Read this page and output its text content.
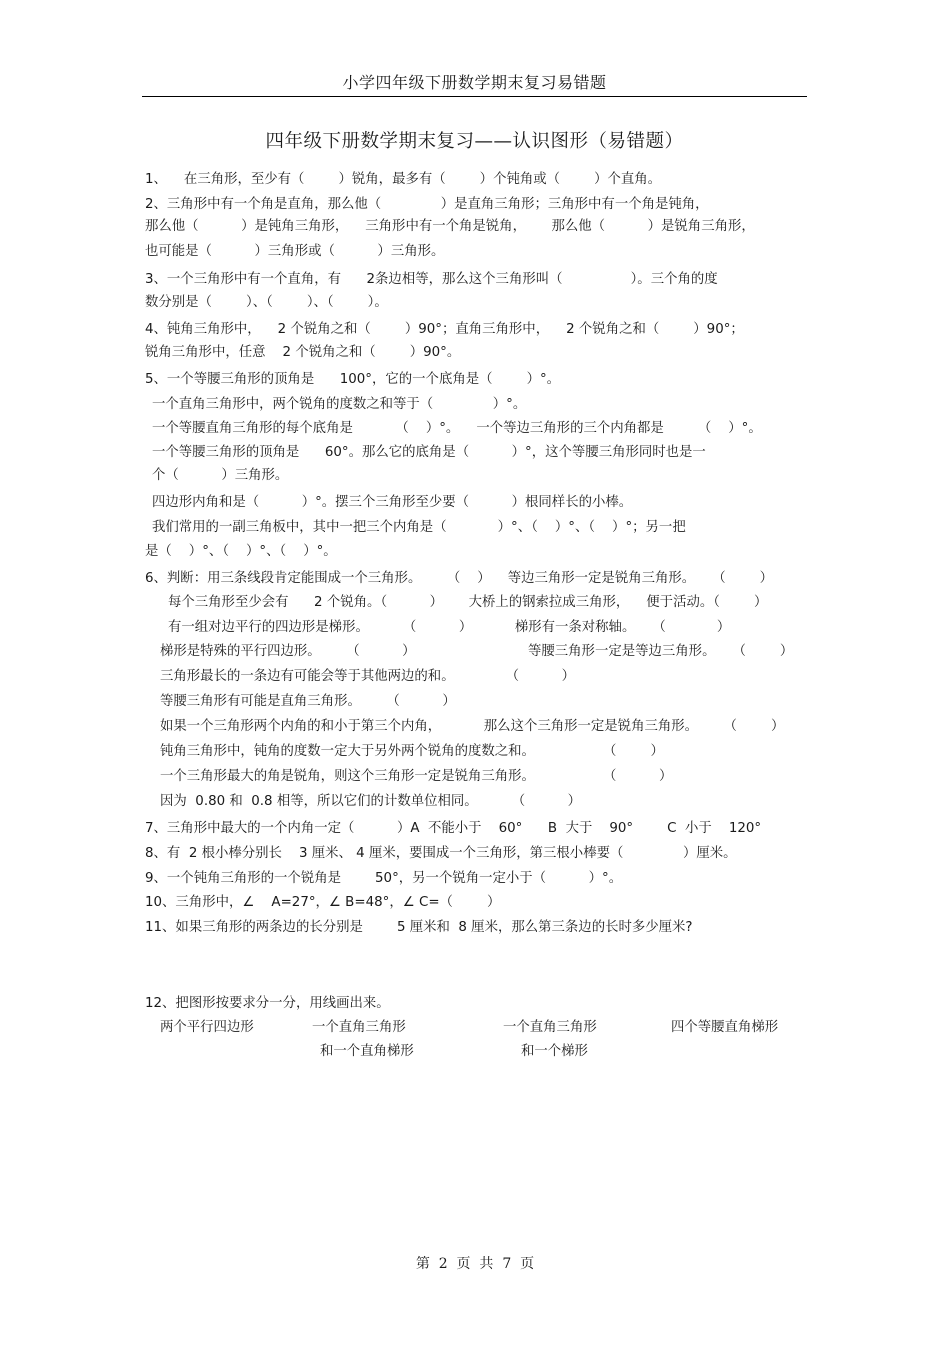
小学四年级下册数学期末复习易错题
四年级下册数学期末复习——认识图形（易错题）
1、    在三角形，至少有（        ）锐角，最多有（        ）个钝角或（        ）个直角。
2、三角形中有一个角是直角，那么他（              ）是直角三角形；三角形中有一个角是钝角，
那么他（          ）是钝角三角形，    三角形中有一个角是锐角，      那么他（          ）是锐角三角形，
也可能是（          ）三角形或（          ）三角形。
3、一个三角形中有一个直角，有      2条边相等，那么这个三角形叫（                ）。三个角的度
数分别是（        ）、（        ）、（        ）。
4、钝角三角形中，    2 个锐角之和（        ）90°；直角三角形中，    2 个锐角之和（        ）90°；
锐角三角形中，任意    2 个锐角之和（        ）90°。
5、一个等腰三角形的顶角是      100°，它的一个底角是（        ）°。
一个直角三角形中，两个锐角的度数之和等于（              ）°。
一个等腰直角三角形的每个底角是          （    ）°。    一个等边三角形的三个内角都是        （    ）°。
一个等腰三角形的顶角是      60°。那么它的底角是（          ）°，这个等腰三角形同时也是一
个（          ）三角形。
四边形内角和是（          ）°。摆三个三角形至少要（          ）根同样长的小棒。
我们常用的一副三角板中，其中一把三个内角是（            ）°、（    ）°、（    ）°；另一把
是（    ）°、（    ）°、（    ）°。
6、判断：用三条线段肯定能围成一个三角形。      （    ）    等边三角形一定是锐角三角形。    （        ）
每个三角形至少会有      2 个锐角。（          ）      大桥上的钢索拉成三角形，    便于活动。（        ）
有一组对边平行的四边形是梯形。        （          ）          梯形有一条对称轴。    （            ）
梯形是特殊的平行四边形。      （          ）	等腰三角形一定是等边三角形。    （        ）
三角形最长的一条边有可能会等于其他两边的和。            （          ）
等腰三角形有可能是直角三角形。      （          ）
如果一个三角形两个内角的和小于第三个内角，          那么这个三角形一定是锐角三角形。      （        ）
钝角三角形中，钝角的度数一定大于另外两个锐角的度数之和。                （        ）
一个三角形最大的角是锐角，则这个三角形一定是锐角三角形。                （          ）
因为  0.80 和  0.8 相等，所以它们的计数单位相同。        （          ）
7、三角形中最大的一个内角一定（          ）A  不能小于    60°      B  大于    90°        C  小于    120°
8、有  2 根小棒分别长    3 厘米、 4 厘米，要围成一个三角形，第三根小棒要（              ）厘米。
9、一个钝角三角形的一个锐角是        50°，另一个锐角一定小于（          ）°。
10、三角形中，∠    A=27°，∠ B=48°，∠ C=（        ）
11、如果三角形的两条边的长分别是        5 厘米和  8 厘米，那么第三条边的长时多少厘米?
12、把图形按要求分一分，用线画出来。
两个平行四边形	一个直角三角形	一个直角三角形	四个等腰直角梯形
和一个直角梯形	和一个梯形
第  2  页  共  7  页
